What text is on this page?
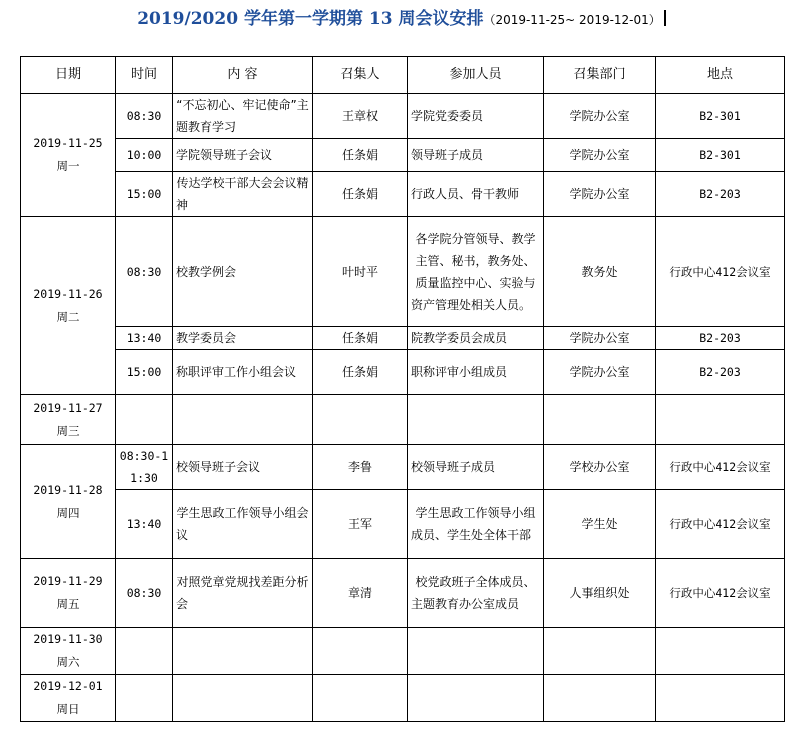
2019/2020 学年第一学期第 13 周会议安排（2019-11-25~ 2019-12-01）
日期	时间	内 容	召集人	参加人员	召集部门	地点

2019-11-25
周一	08:30	“不忘初心、牢记使命”主题教育学习	王章权	学院党委委员	学院办公室	B2-301
	10:00	学院领导班子会议	任条娟	领导班子成员	学院办公室	B2-301
	15:00	传达学校干部大会会议精神	任条娟	行政人员、骨干教师	学院办公室	B2-203

2019-11-26
周二	08:30	校教学例会	叶时平	各学院分管领导、教学主管、秘书，教务处、质量监控中心、实验与资产管理处相关人员。	教务处	行政中心412会议室
	13:40	教学委员会	任条娟	院教学委员会成员	学院办公室	B2-203
	15:00	称职评审工作小组会议	任条娟	职称评审小组成员	学院办公室	B2-203

2019-11-27
周三						

2019-11-28
周四	08:30-11:30	校领导班子会议	李鲁	校领导班子成员	学校办公室	行政中心412会议室
	13:40	学生思政工作领导小组会议	王军	学生思政工作领导小组成员、学生处全体干部	学生处	行政中心412会议室

2019-11-29
周五	08:30	对照党章党规找差距分析会	章清	校党政班子全体成员、主题教育办公室成员	人事组织处	行政中心412会议室

2019-11-30
周六						

2019-12-01
周日						
